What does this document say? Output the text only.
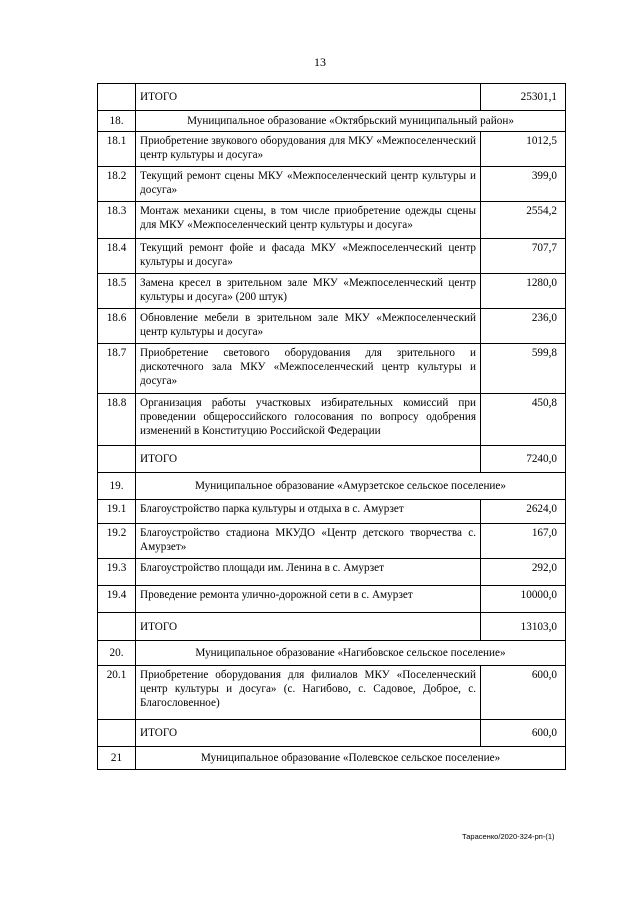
13
	ИТОГО	25301,1
18.	Муниципальное образование «Октябрьский муниципальный район»	
18.1	Приобретение звукового оборудования для МКУ «Межпоселенческий центр культуры и досуга»	1012,5
18.2	Текущий ремонт сцены МКУ «Межпоселенческий центр культуры и досуга»	399,0
18.3	Монтаж механики сцены, в том числе приобретение одежды сцены для МКУ «Межпоселенческий центр культуры и досуга»	2554,2
18.4	Текущий ремонт фойе и фасада МКУ «Межпоселенческий центр культуры и досуга»	707,7
18.5	Замена кресел в зрительном зале МКУ «Межпоселенческий центр культуры и досуга» (200 штук)	1280,0
18.6	Обновление мебели в зрительном зале МКУ «Межпоселенческий центр культуры и досуга»	236,0
18.7	Приобретение светового оборудования для зрительного и дискотечного зала МКУ «Межпоселенческий центр культуры и досуга»	599,8
18.8	Организация работы участковых избирательных комиссий при проведении общероссийского голосования по вопросу одобрения изменений в Конституцию Российской Федерации	450,8
	ИТОГО	7240,0
19.	Муниципальное образование «Амурзетское сельское поселение»	
19.1	Благоустройство парка культуры и отдыха в с. Амурзет	2624,0
19.2	Благоустройство стадиона МКУДО «Центр детского творчества с. Амурзет»	167,0
19.3	Благоустройство площади им. Ленина в с. Амурзет	292,0
19.4	Проведение ремонта улично-дорожной сети в с. Амурзет	10000,0
	ИТОГО	13103,0
20.	Муниципальное образование «Нагибовское сельское поселение»	
20.1	Приобретение оборудования для филиалов МКУ «Поселенческий центр культуры и досуга» (с. Нагибово, с. Садовое, Доброе, с. Благословенное)	600,0
	ИТОГО	600,0
21	Муниципальное образование «Полевское сельское поселение»	
Тарасенко/2020-324-рп-(1)
